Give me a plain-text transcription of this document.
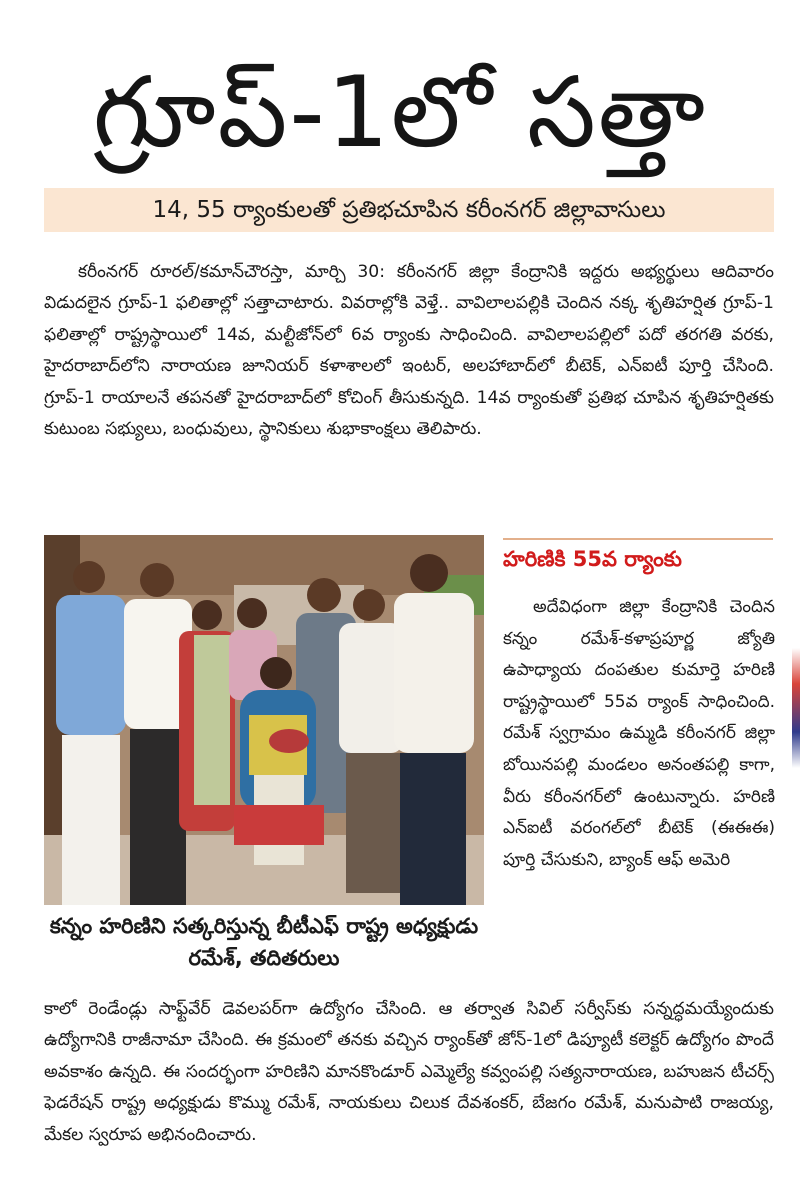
గ్రూప్-1లో సత్తా
14, 55 ర్యాంకులతో ప్రతిభచూపిన కరీంనగర్ జిల్లావాసులు
కరీంనగర్ రూరల్/కమాన్‌చౌరస్తా, మార్చి 30: కరీంనగర్ జిల్లా కేంద్రానికి ఇద్దరు అభ్యర్థులు ఆదివారం విడుదలైన గ్రూప్-1 ఫలితాల్లో సత్తాచాటారు. వివరాల్లోకి వెళ్తే.. వావిలాలపల్లికి చెందిన నక్క శృతిహర్షిత గ్రూప్-1 ఫలితాల్లో రాష్ట్రస్థాయిలో 14వ, మల్టీజోన్‌లో 6వ ర్యాంకు సాధించింది. వావిలాలపల్లిలో పదో తరగతి వరకు, హైదరాబాద్‌లోని నారాయణ జూనియర్ కళాశాలలో ఇంటర్, అలహాబాద్‌లో బీటెక్, ఎన్ఐటీ పూర్తి చేసింది. గ్రూప్-1 రాయాలనే తపనతో హైదరాబాద్‌లో కోచింగ్ తీసుకున్నది. 14వ ర్యాంకుతో ప్రతిభ చూపిన శృతిహర్షితకు కుటుంబ సభ్యులు, బంధువులు, స్థానికులు శుభాకాంక్షలు తెలిపారు.
కన్నం హరిణిని సత్కరిస్తున్న బీటీఎఫ్ రాష్ట్ర అధ్యక్షుడు రమేశ్, తదితరులు
హరిణికి 55వ ర్యాంకు
అదేవిధంగా జిల్లా కేంద్రానికి చెందిన కన్నం రమేశ్-కళాప్రపూర్ణ జ్యోతి ఉపాధ్యాయ దంపతుల కుమార్తె హరిణి రాష్ట్రస్థాయిలో 55వ ర్యాంక్ సాధించింది. రమేశ్ స్వగ్రామం ఉమ్మడి కరీంనగర్ జిల్లా బోయినపల్లి మండలం అనంతపల్లి కాగా, వీరు కరీంనగర్‌లో ఉంటున్నారు. హరిణి ఎన్ఐటీ వరంగల్‌లో బీటెక్ (ఈఈఈ) పూర్తి చేసుకుని, బ్యాంక్ ఆఫ్ అమెరి
కాలో రెండేండ్లు సాఫ్ట్‌వేర్ డెవలపర్‌గా ఉద్యోగం చేసింది. ఆ తర్వాత సివిల్ సర్వీస్‌కు సన్నద్ధమయ్యేందుకు ఉద్యోగానికి రాజీనామా చేసింది. ఈ క్రమంలో తనకు వచ్చిన ర్యాంక్‌తో జోన్-1లో డిప్యూటీ కలెక్టర్ ఉద్యోగం పొందే అవకాశం ఉన్నది. ఈ సందర్భంగా హరిణిని మానకొండూర్ ఎమ్మెల్యే కవ్వంపల్లి సత్యనారాయణ, బహుజన టీచర్స్ ఫెడరేషన్ రాష్ట్ర అధ్యక్షుడు కొమ్ము రమేశ్, నాయకులు చిలుక దేవశంకర్, బేజగం రమేశ్, మనుపాటి రాజయ్య, మేకల స్వరూప అభినందించారు.
